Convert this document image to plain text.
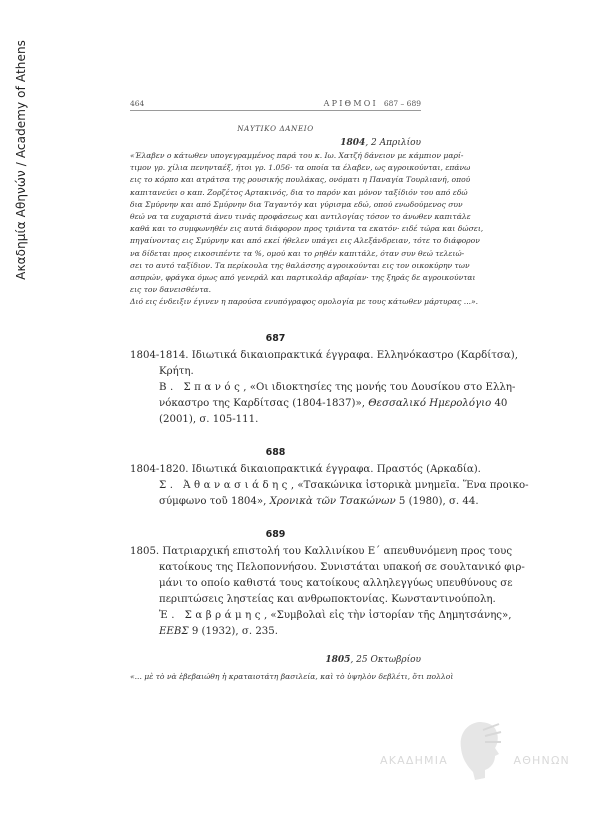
Ακαδημία Αθηνών / Academy of Athens	464	ΑΡΙΘΜΟΙ 687 – 689
ΝΑΥΤΙΚΟ ΔΑΝΕΙΟ
1804, 2 Απριλίου
«Έλαβεν ο κάτωθεν υπογεγραμμένος παρά του κ. Ιω. Χατζή δάνειον με κάμπιον μαρί-
τιμον γρ. χίλια πενηνταέξ, ήτοι γρ. 1.056· τα οποία τα έλαβεν, ως αγροικούνται, επάνω
εις το κόρπο και ατράτσα της ρουσικής πουλάκας, ονόματι η Παναγία Τουρλιανή, οπού
καπιτανεύει ο καπ. Ζορζέτος Αρτακινός, δια το παρόν και μόνον ταξίδιόν του από εδώ
δια Σμύρνην και από Σμύρνην δια Ταγαντόγ και γύρισμα εδώ, οπού ενωδούμενος συν
θεώ να τα ευχαριστά άνευ τινάς προφάσεως και αντιλογίας τόσον το άνωθεν καπιτάλε
καθά και το συμφωνηθέν εις αυτά διάφορον προς τριάντα τα εκατόν· ειδέ τώρα και δώσει,
πηγαίνοντας εις Σμύρνην και από εκεί ήθελεν υπάγει εις Αλεξάνδρειαν, τότε το διάφορον
να δίδεται προς εικοσιπέντε τα %, ομού και το ρηθέν καπιτάλε, όταν συν θεώ τελειώ-
σει το αυτό ταξίδιον. Τα περίκουλα της θαλάσσης αγροικούνται εις τον οικοκύρην των
ασπρών, φράγκα όμως από γενεράλ και παρτικολάρ αβαρίαν· της ξηράς δε αγροικούνται
εις τον δανεισθέντα.
Διό εις ένδειξιν έγινεν η παρούσα ενυπόγραφος ομολογία με τους κάτωθεν μάρτυρας ...».
687
1804-1814. Ιδιωτικά δικαιοπρακτικά έγγραφα. Ελληνόκαστρο (Καρδίτσα),
Κρήτη.
Β. Σπανός, «Οι ιδιοκτησίες της μονής του Δουσίκου στο Ελλη-
νόκαστρο της Καρδίτσας (1804-1837)», Θεσσαλικό Ημερολόγιο 40
(2001), σ. 105-111.
688
1804-1820. Ιδιωτικά δικαιοπρακτικά έγγραφα. Πραστός (Αρκαδία).
Σ. Ἀθανασιάδης, «Τσακώνικα ἱστορικὰ μνημεῖα. Ἕνα προικο-
σύμφωνο τοῦ 1804», Χρονικὰ τῶν Τσακώνων 5 (1980), σ. 44.
689
1805. Πατριαρχική επιστολή του Καλλινίκου Ε΄ απευθυνόμενη προς τους
κατοίκους της Πελοποννήσου. Συνιστάται υπακοή σε σουλτανικό φιρ-
μάνι το οποίο καθιστά τους κατοίκους αλληλεγγύως υπευθύνους σε
περιπτώσεις ληστείας και ανθρωποκτονίας. Κωνσταντινούπολη.
Ἐ. Σαβράμης, «Συμβολαὶ εἰς τὴν ἱστορίαν τῆς Δημητσάνης»,
ΕΕΒΣ 9 (1932), σ. 235.
1805, 25 Οκτωβρίου
«... μὲ τὸ νὰ ἐβεβαιώθη ἡ κραταιοτάτη βασιλεία, καὶ τὸ ὑψηλὸν δεβλέτι, ὅτι πολλοὶ
ΑΚΑΔΗΜΙΑ	ΑΘΗΝΩΝ
